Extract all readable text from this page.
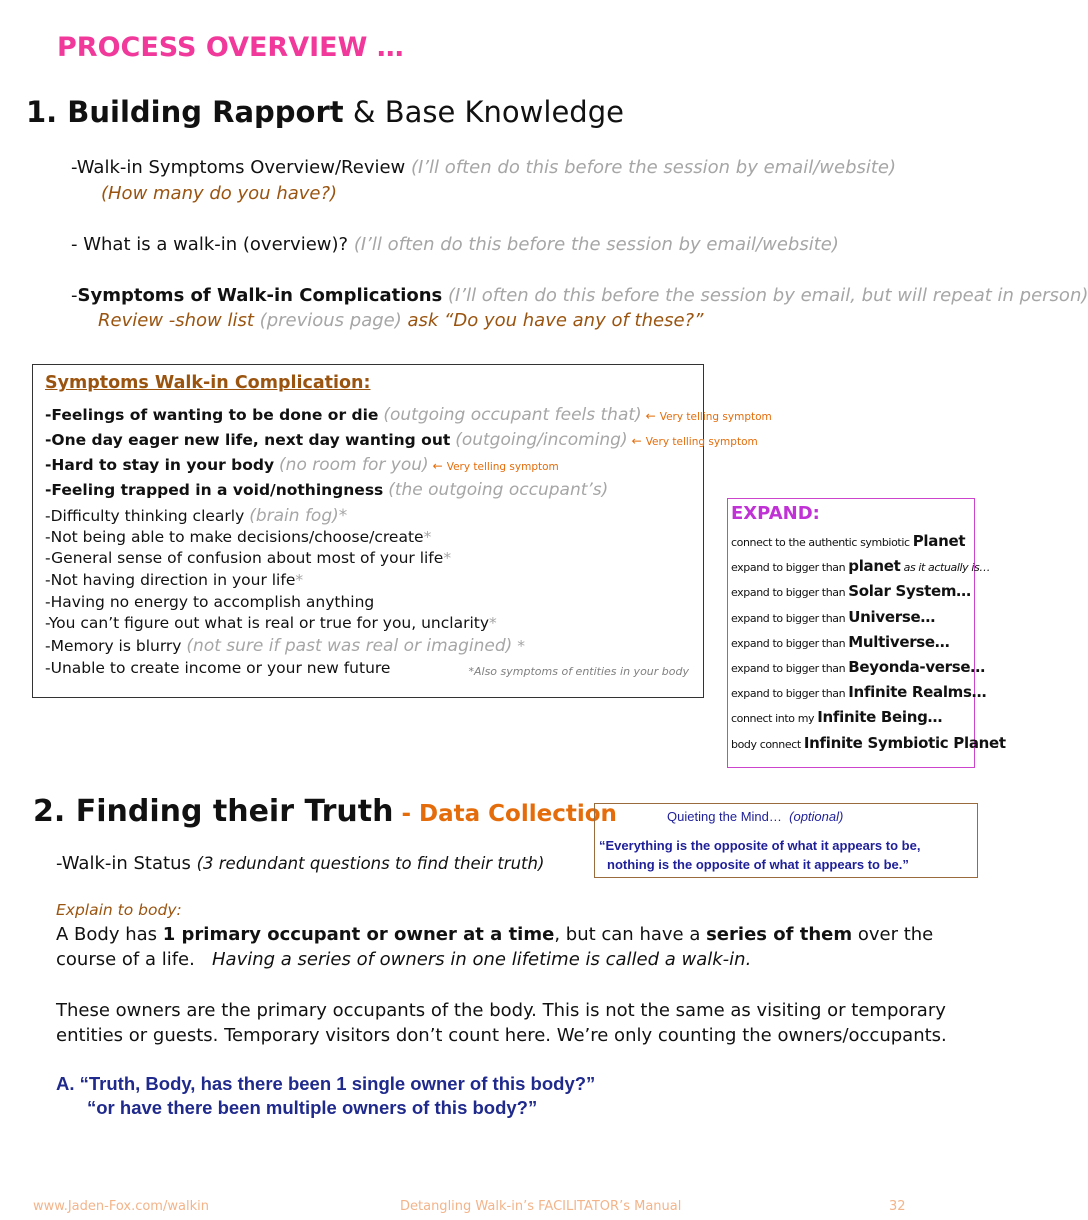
PROCESS OVERVIEW …
1. Building Rapport & Base Knowledge
-Walk-in Symptoms Overview/Review (I’ll often do this before the session by email/website)
(How many do you have?)
- What is a walk-in (overview)? (I’ll often do this before the session by email/website)
-Symptoms of Walk-in Complications (I’ll often do this before the session by email, but will repeat in person)
Review -show list (previous page) ask “Do you have any of these?”
Symptoms Walk-in Complication:
-Feelings of wanting to be done or die (outgoing occupant feels that) ← Very telling symptom
-One day eager new life, next day wanting out (outgoing/incoming) ← Very telling symptom
-Hard to stay in your body (no room for you) ← Very telling symptom
-Feeling trapped in a void/nothingness (the outgoing occupant’s)
-Difficulty thinking clearly (brain fog)*
-Not being able to make decisions/choose/create*
-General sense of confusion about most of your life*
-Not having direction in your life*
-Having no energy to accomplish anything
-You can’t figure out what is real or true for you, unclarity*
-Memory is blurry (not sure if past was real or imagined) *
-Unable to create income or your new future	*Also symptoms of entities in your body
EXPAND:
connect to the authentic symbiotic Planet
expand to bigger than planet as it actually is…
expand to bigger than Solar System…
expand to bigger than Universe…
expand to bigger than Multiverse…
expand to bigger than Beyonda-verse…
expand to bigger than Infinite Realms…
connect into my Infinite Being…
body connect Infinite Symbiotic Planet
2. Finding their Truth - Data Collection	Quieting the Mind… (optional)
“Everything is the opposite of what it appears to be,
nothing is the opposite of what it appears to be.”
-Walk-in Status (3 redundant questions to find their truth)
Explain to body:
A Body has 1 primary occupant or owner at a time, but can have a series of them over the course of a life.   Having a series of owners in one lifetime is called a walk-in.
These owners are the primary occupants of the body. This is not the same as visiting or temporary entities or guests. Temporary visitors don’t count here. We’re only counting the owners/occupants.
A. “Truth, Body, has there been 1 single owner of this body?”
“or have there been multiple owners of this body?”
www.Jaden-Fox.com/walkin	Detangling Walk-in’s FACILITATOR’s Manual	32
